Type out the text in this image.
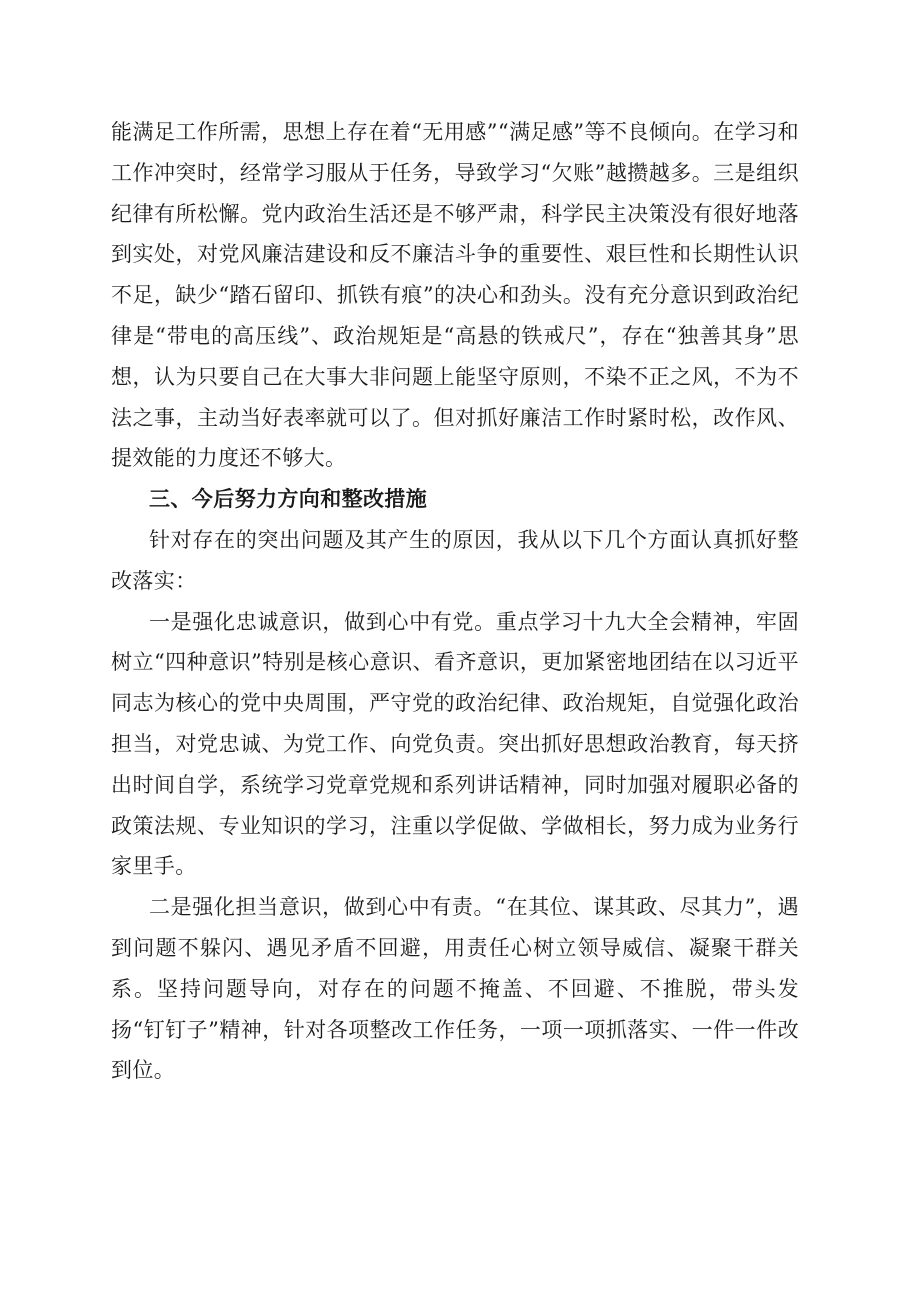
能满足工作所需，思想上存在着“无用感”“满足感”等不良倾向。在学习和工作冲突时，经常学习服从于任务，导致学习“欠账”越攒越多。三是组织纪律有所松懈。党内政治生活还是不够严肃，科学民主决策没有很好地落到实处，对党风廉洁建设和反不廉洁斗争的重要性、艰巨性和长期性认识不足，缺少“踏石留印、抓铁有痕”的决心和劲头。没有充分意识到政治纪律是“带电的高压线”、政治规矩是“高悬的铁戒尺”，存在“独善其身”思想，认为只要自己在大事大非问题上能坚守原则，不染不正之风，不为不法之事，主动当好表率就可以了。但对抓好廉洁工作时紧时松，改作风、提效能的力度还不够大。

三、今后努力方向和整改措施

针对存在的突出问题及其产生的原因，我从以下几个方面认真抓好整改落实：

一是强化忠诚意识，做到心中有党。重点学习十九大全会精神，牢固树立“四种意识”特别是核心意识、看齐意识，更加紧密地团结在以习近平同志为核心的党中央周围，严守党的政治纪律、政治规矩，自觉强化政治担当，对党忠诚、为党工作、向党负责。突出抓好思想政治教育，每天挤出时间自学，系统学习党章党规和系列讲话精神，同时加强对履职必备的政策法规、专业知识的学习，注重以学促做、学做相长，努力成为业务行家里手。

二是强化担当意识，做到心中有责。“在其位、谋其政、尽其力”，遇到问题不躲闪、遇见矛盾不回避，用责任心树立领导威信、凝聚干群关系。坚持问题导向，对存在的问题不掩盖、不回避、不推脱，带头发扬“钉钉子”精神，针对各项整改工作任务，一项一项抓落实、一件一件改到位。
